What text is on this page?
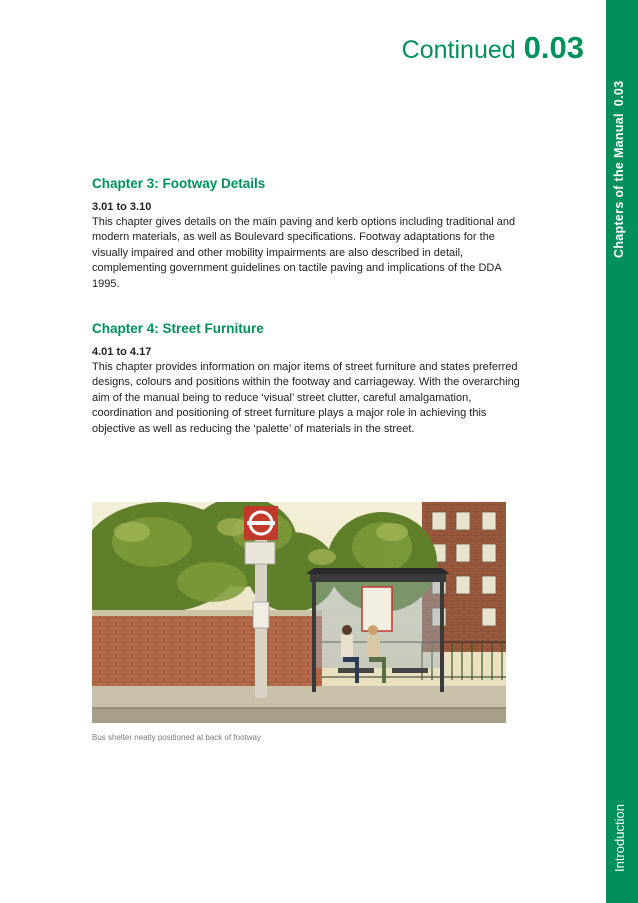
Chapters of the Manual0.03
Introduction
Continued 0.03
Chapter 3: Footway Details
3.01 to 3.10

This chapter gives details on the main paving and kerb options including traditional and modern materials, as well as Boulevard specifications. Footway adaptations for the visually impaired and other mobility impairments are also described in detail, complementing government guidelines on tactile paving and implications of the DDA 1995.

Chapter 4: Street Furniture
4.01 to 4.17

This chapter provides information on major items of street furniture and states preferred designs, colours and positions within the footway and carriageway. With the overarching aim of the manual being to reduce ‘visual’ street clutter, careful amalgamation, coordination and positioning of street furniture plays a major role in achieving this objective as well as reducing the ‘palette’ of materials in the street.

Bus shelter neatly positioned at back of footway
